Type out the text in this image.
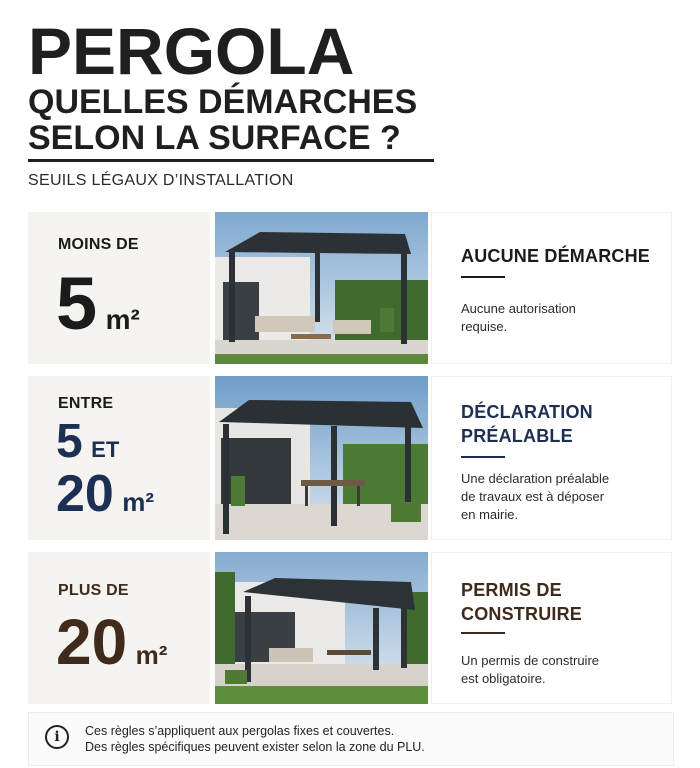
PERGOLA
QUELLES DÉMARCHES
SELON LA SURFACE ?
SEUILS LÉGAUX D’INSTALLATION
MOINS DE
5 m²
AUCUNE DÉMARCHE
Aucune autorisation
requise.
ENTRE
5 ET
20 m²
DÉCLARATION
PRÉALABLE
Une déclaration préalable
de travaux est à déposer
en mairie.
PLUS DE
20 m²
PERMIS DE
CONSTRUIRE
Un permis de construire
est obligatoire.
i	Ces règles s’appliquent aux pergolas fixes et couvertes.
Des règles spécifiques peuvent exister selon la zone du PLU.
